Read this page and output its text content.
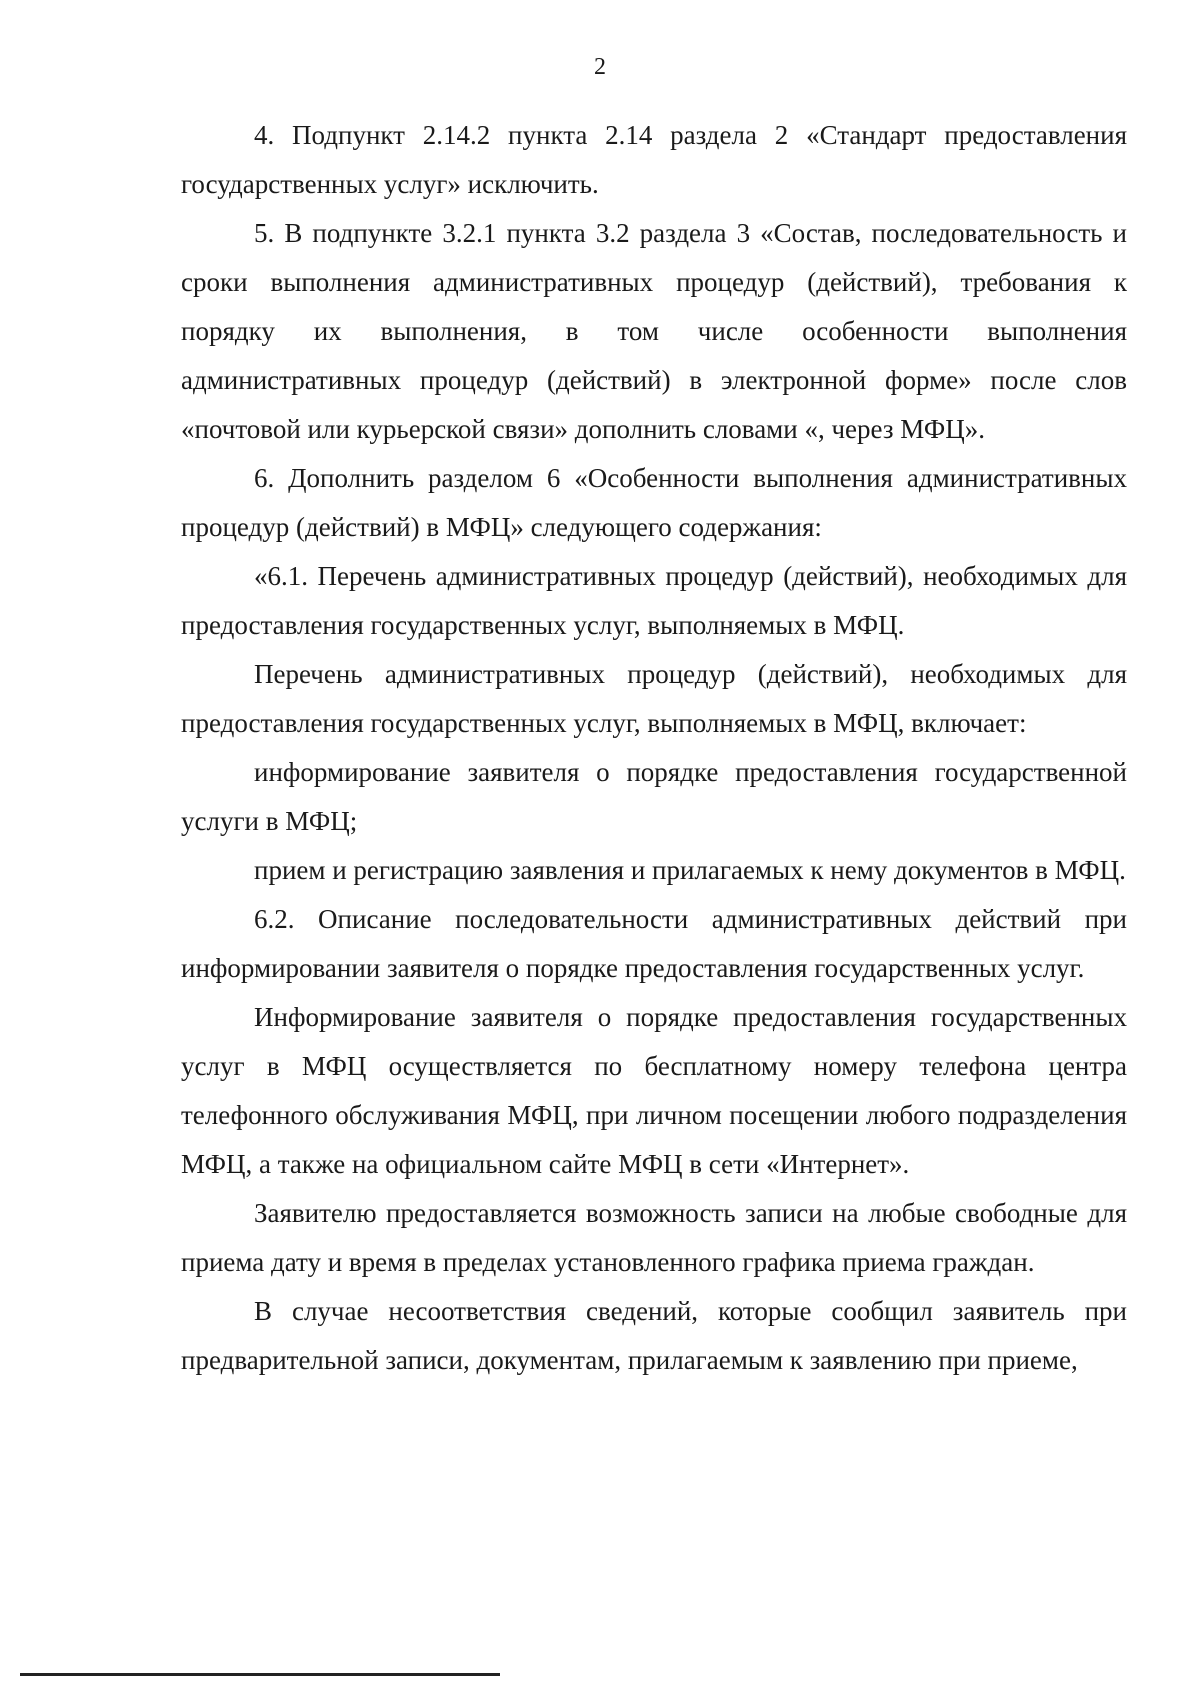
2

4. Подпункт 2.14.2 пункта 2.14 раздела 2 «Стандарт предоставления государственных услуг» исключить.

5. В подпункте 3.2.1 пункта 3.2 раздела 3 «Состав, последовательность и сроки выполнения административных процедур (действий), требования к порядку их выполнения, в том числе особенности выполнения административных процедур (действий) в электронной форме» после слов «почтовой или курьерской связи» дополнить словами «, через МФЦ».

6. Дополнить разделом 6 «Особенности выполнения административных процедур (действий) в МФЦ» следующего содержания:

«6.1. Перечень административных процедур (действий), необходимых для предоставления государственных услуг, выполняемых в МФЦ.

Перечень административных процедур (действий), необходимых для предоставления государственных услуг, выполняемых в МФЦ, включает:

информирование заявителя о порядке предоставления государственной услуги в МФЦ;

прием и регистрацию заявления и прилагаемых к нему документов в МФЦ.

6.2. Описание последовательности административных действий при информировании заявителя о порядке предоставления государственных услуг.

Информирование заявителя о порядке предоставления государственных услуг в МФЦ осуществляется по бесплатному номеру телефона центра телефонного обслуживания МФЦ, при личном посещении любого подразделения МФЦ, а также на официальном сайте МФЦ в сети «Интернет».

Заявителю предоставляется возможность записи на любые свободные для приема дату и время в пределах установленного графика приема граждан.

В случае несоответствия сведений, которые сообщил заявитель при предварительной записи, документам, прилагаемым к заявлению при приеме,
